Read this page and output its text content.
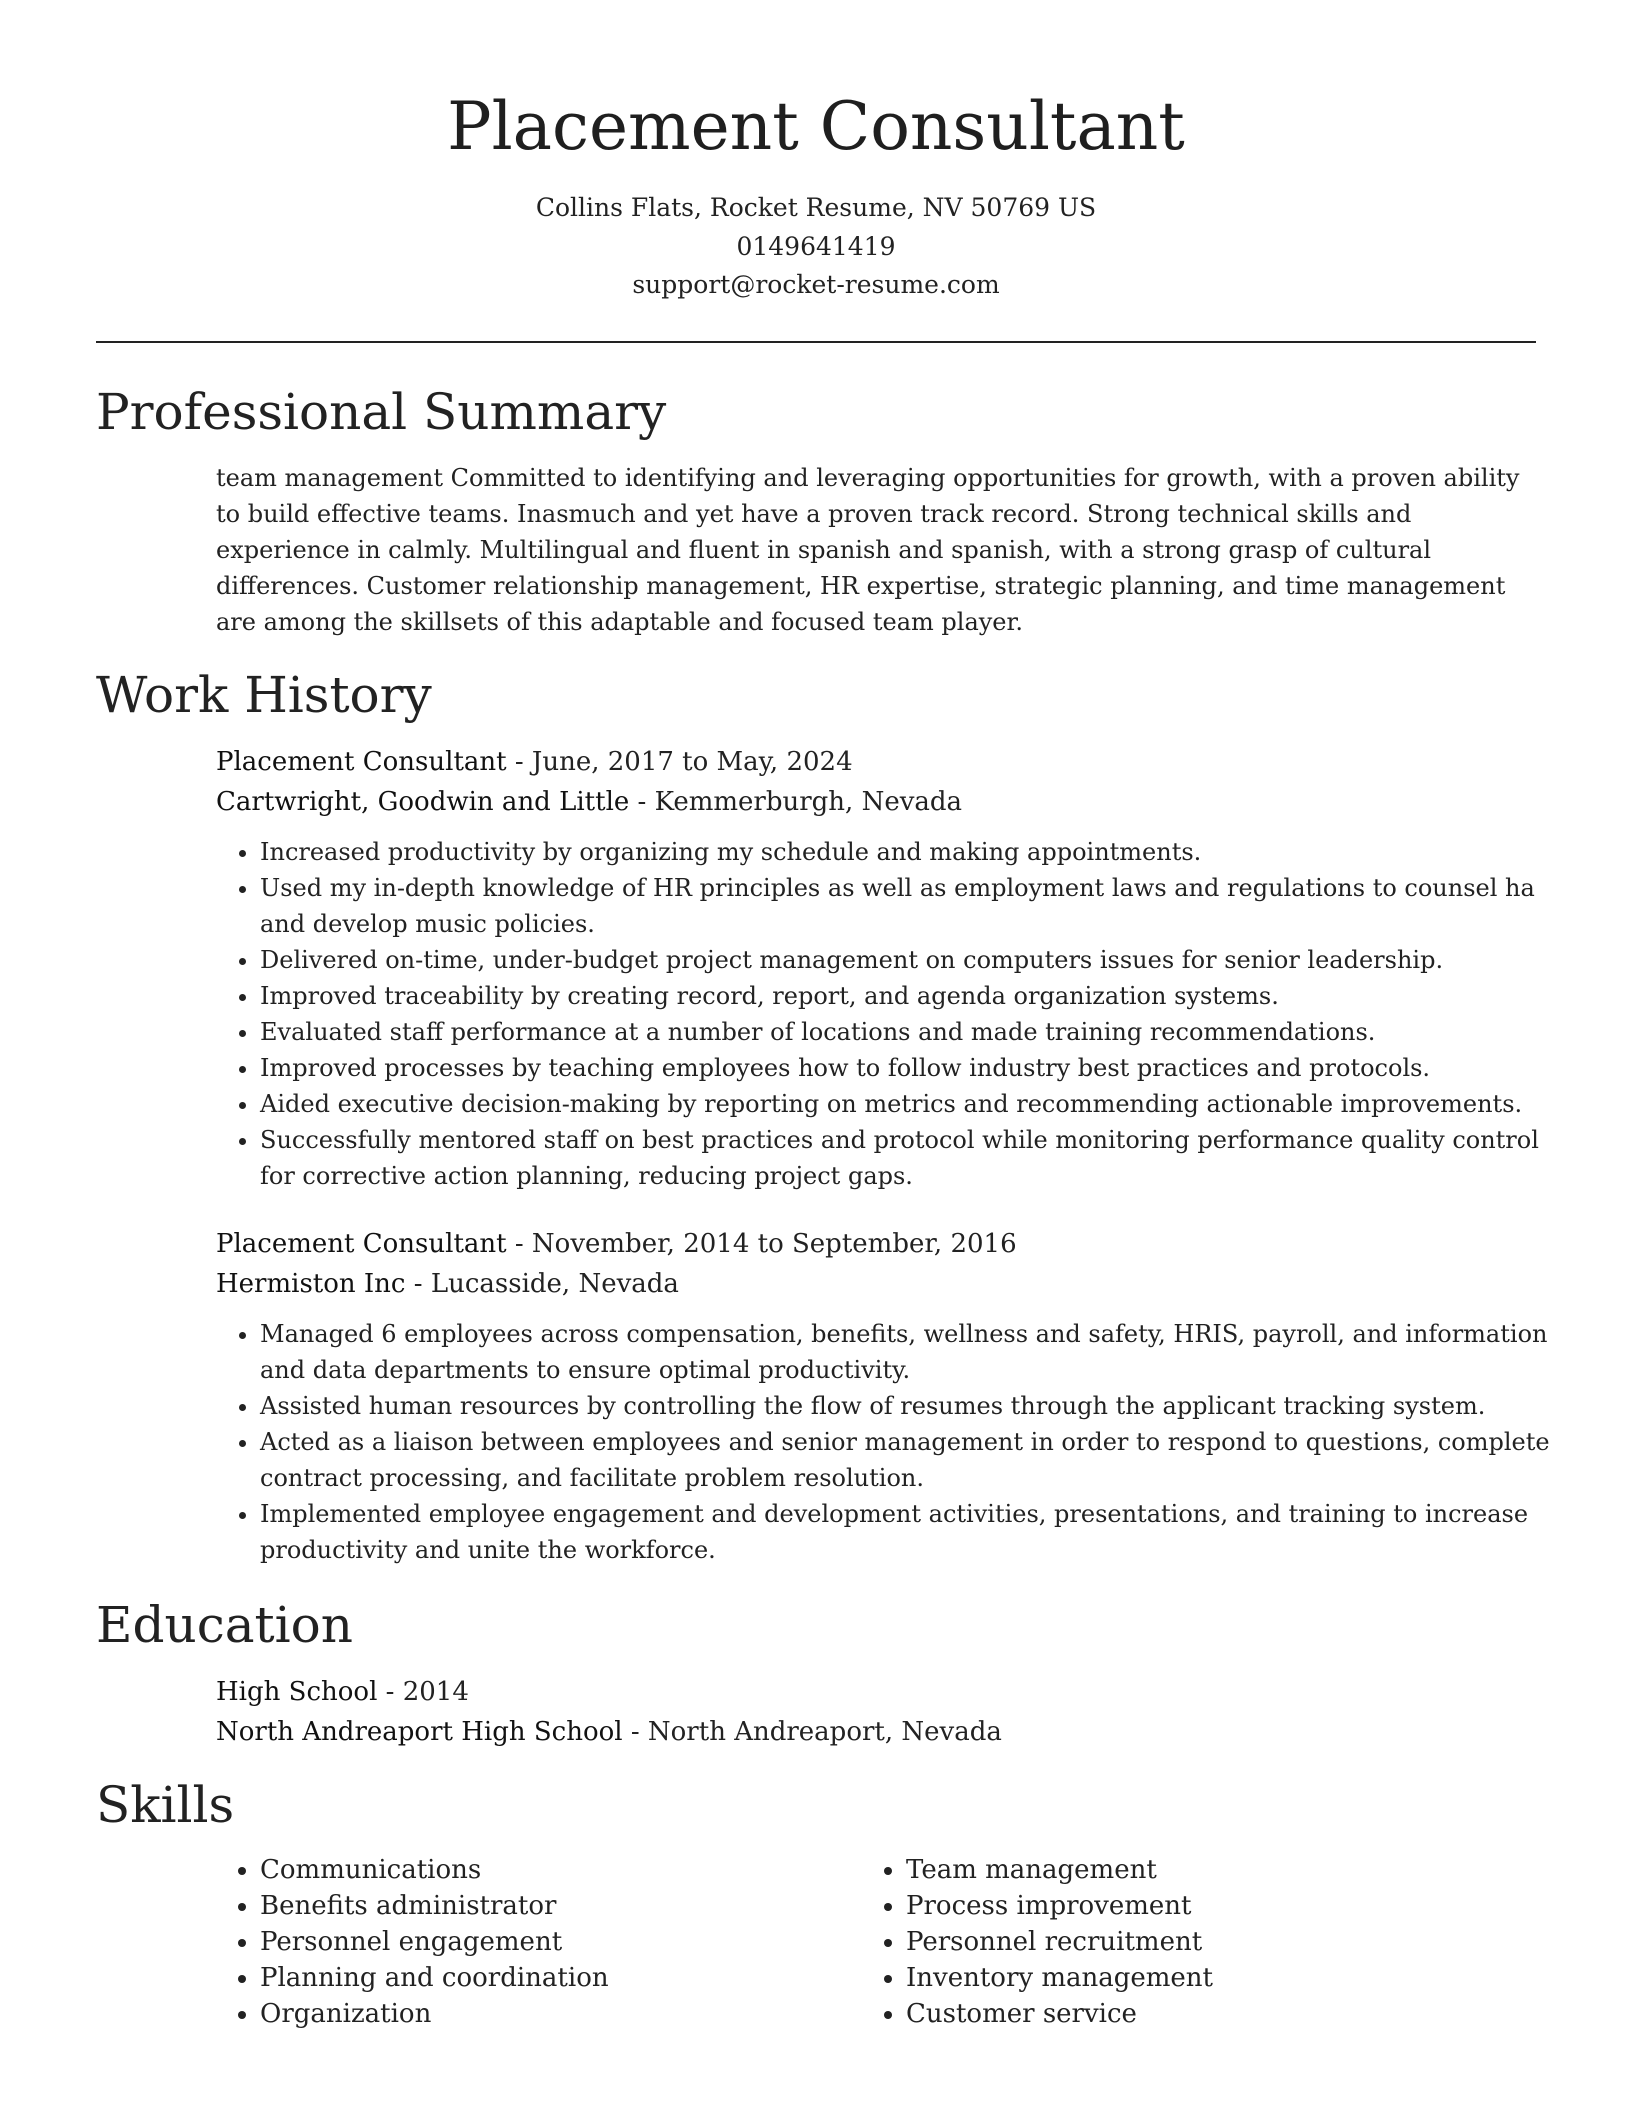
Placement Consultant
Collins Flats, Rocket Resume, NV 50769 US
0149641419
support@rocket-resume.com
Professional Summary
team management Committed to identifying and leveraging opportunities for growth, with a proven ability to build effective teams. Inasmuch and yet have a proven track record. Strong technical skills and experience in calmly. Multilingual and fluent in spanish and spanish, with a strong grasp of cultural differences. Customer relationship management, HR expertise, strategic planning, and time management are among the skillsets of this adaptable and focused team player.
Work History
Placement Consultant - June, 2017 to May, 2024
Cartwright, Goodwin and Little - Kemmerburgh, Nevada
• Increased productivity by organizing my schedule and making appointments.
• Used my in-depth knowledge of HR principles as well as employment laws and regulations to counsel ha and develop music policies.
• Delivered on-time, under-budget project management on computers issues for senior leadership.
• Improved traceability by creating record, report, and agenda organization systems.
• Evaluated staff performance at a number of locations and made training recommendations.
• Improved processes by teaching employees how to follow industry best practices and protocols.
• Aided executive decision-making by reporting on metrics and recommending actionable improvements.
• Successfully mentored staff on best practices and protocol while monitoring performance quality control for corrective action planning, reducing project gaps.
Placement Consultant - November, 2014 to September, 2016
Hermiston Inc - Lucasside, Nevada
• Managed 6 employees across compensation, benefits, wellness and safety, HRIS, payroll, and information and data departments to ensure optimal productivity.
• Assisted human resources by controlling the flow of resumes through the applicant tracking system.
• Acted as a liaison between employees and senior management in order to respond to questions, complete contract processing, and facilitate problem resolution.
• Implemented employee engagement and development activities, presentations, and training to increase productivity and unite the workforce.
Education
High School - 2014
North Andreaport High School - North Andreaport, Nevada
Skills
• Communications
• Benefits administrator
• Personnel engagement
• Planning and coordination
• Organization
• Team management
• Process improvement
• Personnel recruitment
• Inventory management
• Customer service
